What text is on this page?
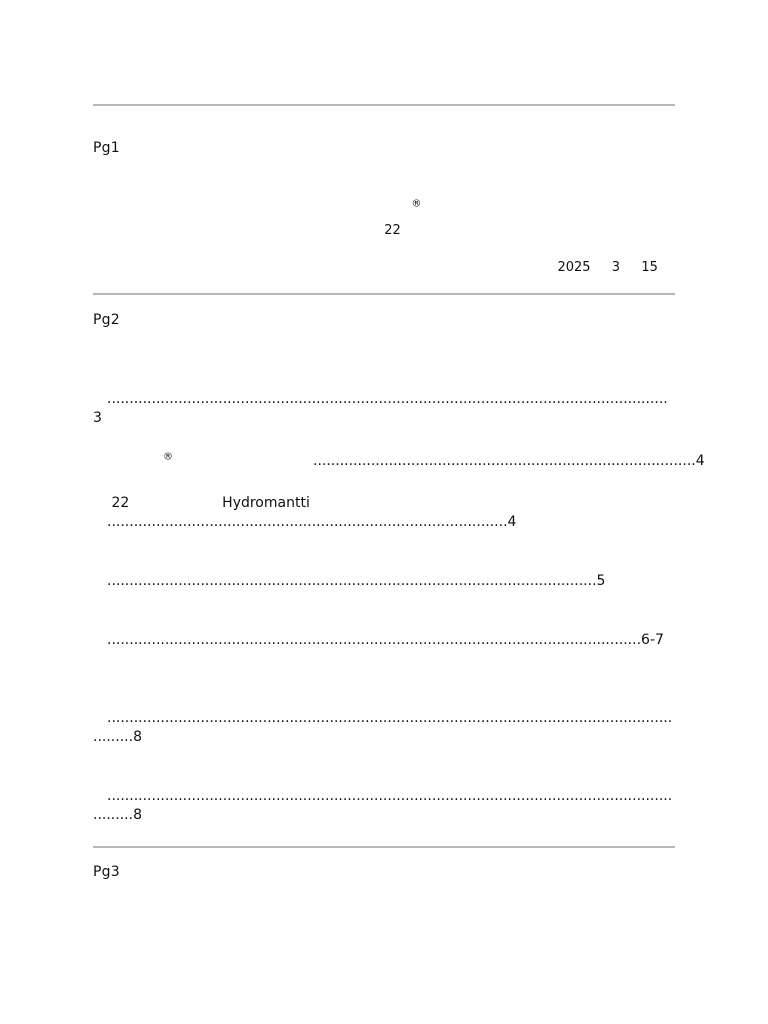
Pg1

　　　　　® 　　　　　　　
　 22 　　　　　　　　　
2025 　 3 　 15 　
Pg2

　..............................................................................................................................3
　　　　　®　　　　　　　　　　	......................................................................................4
　 22 　　　　　　 Hydromantti 　
　..........................................................................................4

　..............................................................................................................5

　........................................................................................................................6-7

　........................................................................................................................................8

　........................................................................................................................................8
Pg3
